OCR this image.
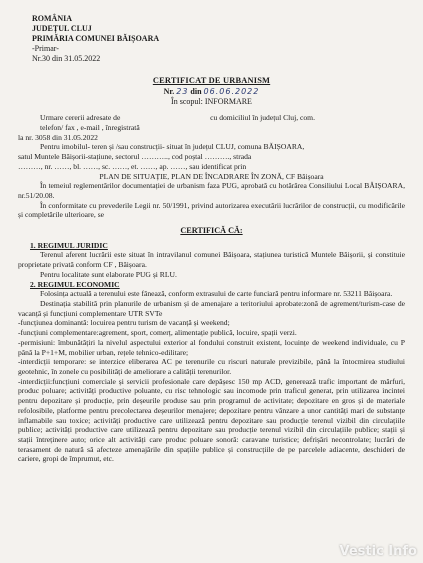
ROMÂNIA
JUDEȚUL CLUJ
PRIMĂRIA COMUNEI BĂIȘOARA
-Primar-
Nr.30 din 31.05.2022
CERTIFICAT DE URBANISM
Nr. 23 din 06.06.2022
În scopul: INFORMARE

Urmare cererii adresate de	cu domiciliul în județul Cluj, com.

telefon/ fax , e-mail , înregistrată

la nr. 3058 din 31.05.2022

Pentru imobilul- teren și /sau construcții- situat în județul CLUJ, comuna BĂIȘOARA,

satul Muntele Băișorii-stațiune, sectorul ……….., cod poștal ………., strada

………, nr. ……, bl. ……, sc. ……, et. ……, ap. ……, sau identificat prin

PLAN DE SITUAȚIE, PLAN DE ÎNCADRARE ÎN ZONĂ, CF Băișoara

În temeiul reglementărilor documentației de urbanism faza PUG, aprobată cu hotărârea Consiliului Local BĂIȘOARA, nr.51/20.08.

În conformitate cu prevederile Legii nr. 50/1991, privind autorizarea executării lucrărilor de construcții, cu modificările și completările ulterioare, se

CERTIFICĂ CĂ:
1. REGIMUL JURIDIC

Terenul aferent lucrării este situat în intravilanul comunei Băișoara, stațiunea turistică Muntele Băișorii, și constituie proprietate privată conform CF , Băișoara.

Pentru localitate sunt elaborate PUG și RLU.

2. REGIMUL ECONOMIC

Folosința actuală a terenului este fânează, conform extrasului de carte funciară pentru informare nr. 53211 Băișoara.

Destinația stabilită prin planurile de urbanism și de amenajare a teritoriului aprobate:zonă de agrement/turism-case de vacanță și funcțiuni complementare UTR SVTe

-funcțiunea dominantă: locuirea pentru turism de vacanță și weekend;

-funcțiuni complementare:agrement, sport, comerț, alimentație publică, locuire, spații verzi.

-permisiuni: îmbunătățiri la nivelul aspectului exterior al fondului construit existent, locuințe de weekend individuale, cu P până la P+1+M, mobilier urban, rețele tehnico-edilitare;

-interdicții temporare: se interzice eliberarea AC pe terenurile cu riscuri naturale previzibile, până la întocmirea studiului geotehnic, în zonele cu posibilități de ameliorare a calității terenurilor.

-interdicții:funcțiuni comerciale și servicii profesionale care depășesc 150 mp ACD, generează trafic important de mărfuri, produc poluare; activități productive poluante, cu risc tehnologic sau incomode prin traficul generat, prin utilizarea incintei pentru depozitare și producție, prin deșeurile produse sau prin programul de activitate; depozitare en gros și de materiale refolosibile, platforme pentru precolectarea deșeurilor menajere; depozitare pentru vânzare a unor cantități mari de substanțe inflamabile sau toxice; activități productive care utilizează pentru depozitare sau producție terenul vizibil din circulațiile publice; activități productive care utilizează pentru depozitare sau producție terenul vizibil din circulațiile publice; stații și stații întreținere auto; orice alt activități care produc poluare sonoră: caravane turistice; defrișări necontrolate; lucrări de terasament de natură să afecteze amenajările din spațiile publice și construcțiile de pe parcelele adiacente, deschideri de cariere, gropi de împrumut, etc.

Vestic Info
